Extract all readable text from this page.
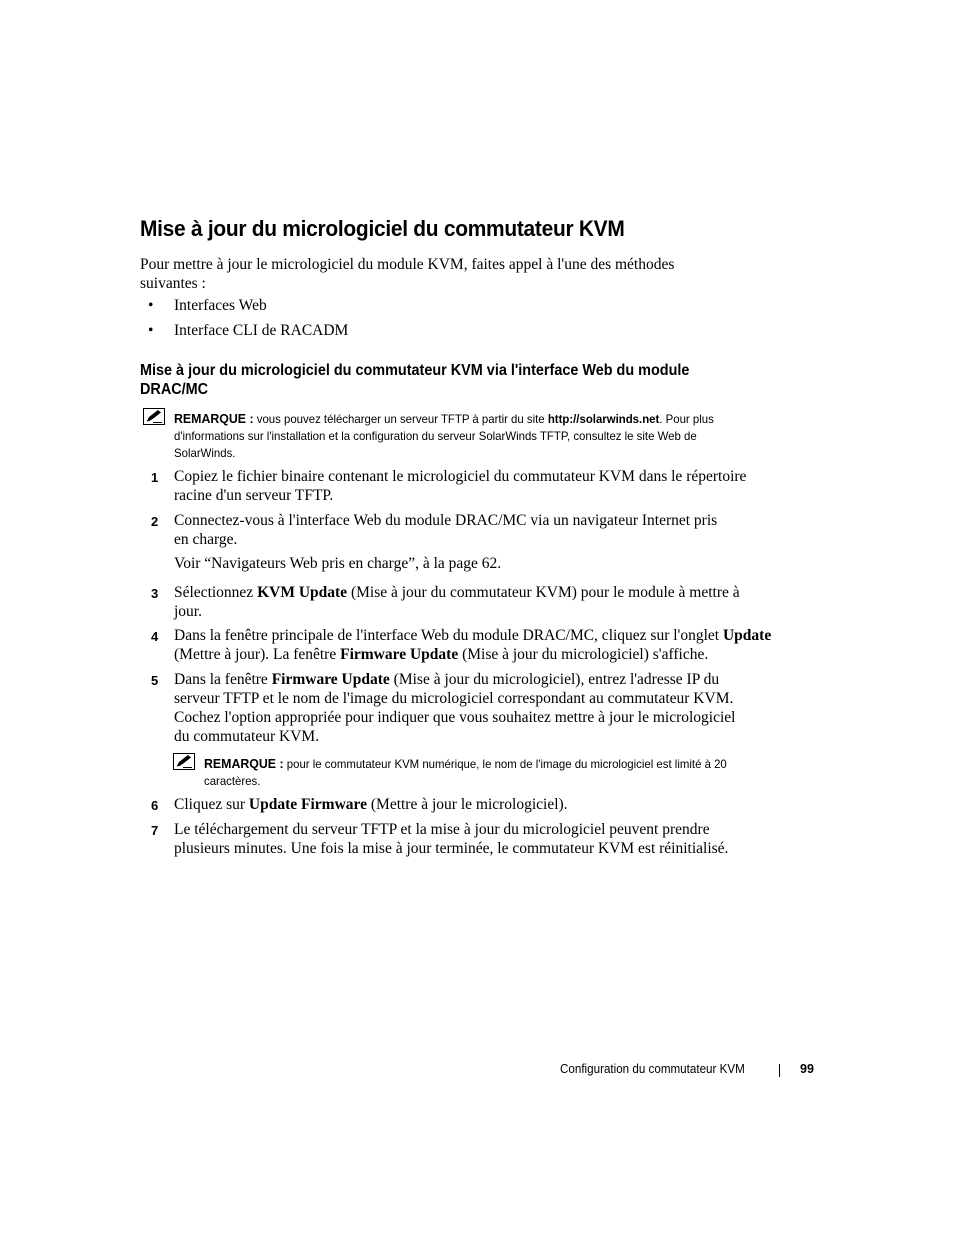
Mise à jour du micrologiciel du commutateur KVM

Pour mettre à jour le micrologiciel du module KVM, faites appel à l'une des méthodes suivantes :

• Interfaces Web
• Interface CLI de RACADM
Mise à jour du micrologiciel du commutateur KVM via l'interface Web du module DRAC/MC

REMARQUE : vous pouvez télécharger un serveur TFTP à partir du site http://solarwinds.net. Pour plus d'informations sur l'installation et la configuration du serveur SolarWinds TFTP, consultez le site Web de SolarWinds.

1 Copiez le fichier binaire contenant le micrologiciel du commutateur KVM dans le répertoire racine d'un serveur TFTP.

2 Connectez-vous à l'interface Web du module DRAC/MC via un navigateur Internet pris en charge.

Voir “Navigateurs Web pris en charge”, à la page 62.

3 Sélectionnez KVM Update (Mise à jour du commutateur KVM) pour le module à mettre à jour.

4 Dans la fenêtre principale de l'interface Web du module DRAC/MC, cliquez sur l'onglet Update (Mettre à jour). La fenêtre Firmware Update (Mise à jour du micrologiciel) s'affiche.

5 Dans la fenêtre Firmware Update (Mise à jour du micrologiciel), entrez l'adresse IP du serveur TFTP et le nom de l'image du micrologiciel correspondant au commutateur KVM. Cochez l'option appropriée pour indiquer que vous souhaitez mettre à jour le micrologiciel du commutateur KVM.

REMARQUE : pour le commutateur KVM numérique, le nom de l'image du micrologiciel est limité à 20 caractères.

6 Cliquez sur Update Firmware (Mettre à jour le micrologiciel).

7 Le téléchargement du serveur TFTP et la mise à jour du micrologiciel peuvent prendre plusieurs minutes. Une fois la mise à jour terminée, le commutateur KVM est réinitialisé.

Configuration du commutateur KVM	99
